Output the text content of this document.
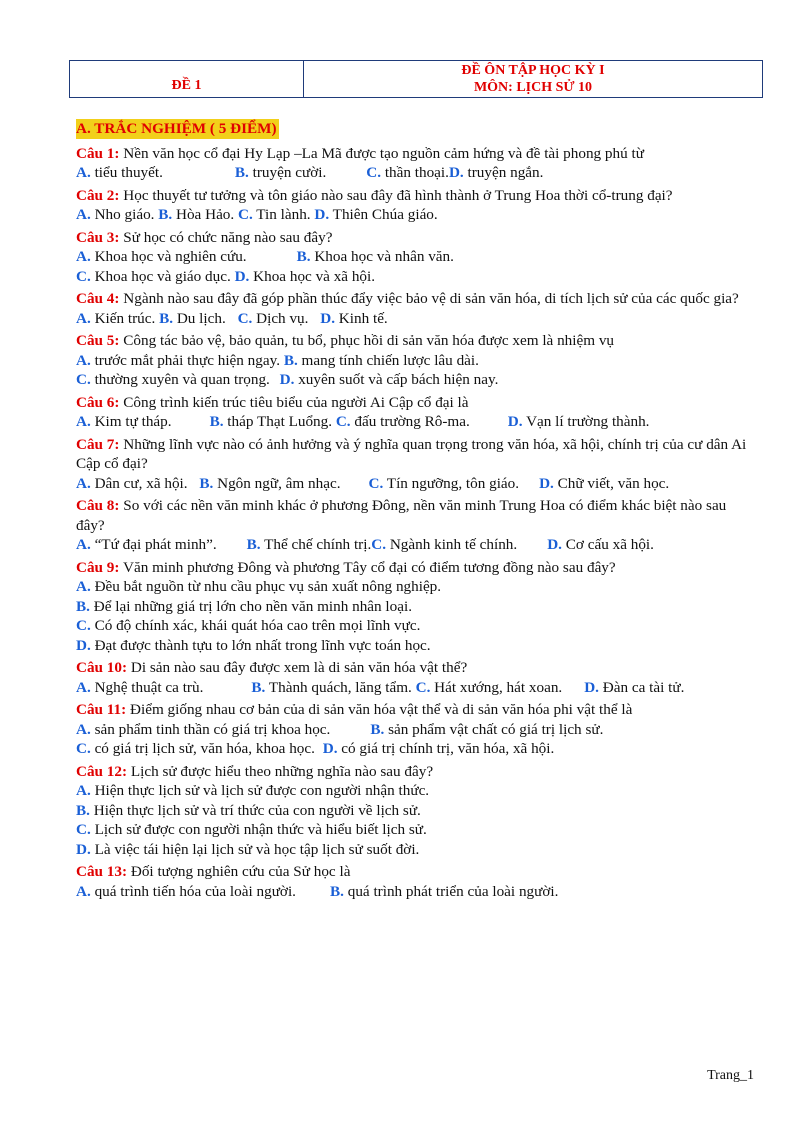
ĐỀ 1
ĐỀ ÔN TẬP HỌC KỲ I
MÔN: LỊCH SỬ 10
A. TRẮC NGHIỆM ( 5 ĐIỂM)
Câu 1: Nền văn học cổ đại Hy Lạp –La Mã được tạo nguồn cảm hứng và đề tài phong phú từ
A. tiểu thuyết.	B. truyện cười.	C. thần thoại.D. truyện ngắn.
Câu 2: Học thuyết tư tưởng và tôn giáo nào sau đây đã hình thành ở Trung Hoa thời cổ-trung đại?
A. Nho giáo. B. Hòa Hảo. C. Tin lành. D. Thiên Chúa giáo.
Câu 3: Sử học có chức năng nào sau đây?
A. Khoa học và nghiên cứu.	B. Khoa học và nhân văn.
C. Khoa học và giáo dục. D. Khoa học và xã hội.
Câu 4: Ngành nào sau đây đã góp phần thúc đẩy việc bảo vệ di sản văn hóa, di tích lịch sử của các quốc gia?
A. Kiến trúc. B. Du lịch. C. Dịch vụ. D. Kinh tế.
Câu 5: Công tác bảo vệ, bảo quản, tu bổ, phục hồi di sản văn hóa được xem là nhiệm vụ
A. trước mắt phải thực hiện ngay. B. mang tính chiến lược lâu dài.
C. thường xuyên và quan trọng. D. xuyên suốt và cấp bách hiện nay.
Câu 6: Công trình kiến trúc tiêu biểu của người Ai Cập cổ đại là
A. Kim tự tháp.	B. tháp Thạt Luổng. C. đấu trường Rô-ma.	D. Vạn lí trường thành.
Câu 7: Những lĩnh vực nào có ảnh hưởng và ý nghĩa quan trọng trong văn hóa, xã hội, chính trị của cư dân Ai Cập cổ đại?
A. Dân cư, xã hội. B. Ngôn ngữ, âm nhạc. C. Tín ngưỡng, tôn giáo. D. Chữ viết, văn học.
Câu 8: So với các nền văn minh khác ở phương Đông, nền văn minh Trung Hoa có điểm khác biệt nào sau đây?
A. “Tứ đại phát minh”. B. Thể chế chính trị.C. Ngành kinh tế chính. D. Cơ cấu xã hội.
Câu 9: Văn minh phương Đông và phương Tây cổ đại có điểm tương đồng nào sau đây?
A. Đều bắt nguồn từ nhu cầu phục vụ sản xuất nông nghiệp.
B. Để lại những giá trị lớn cho nền văn minh nhân loại.
C. Có độ chính xác, khái quát hóa cao trên mọi lĩnh vực.
D. Đạt được thành tựu to lớn nhất trong lĩnh vực toán học.
Câu 10: Di sản nào sau đây được xem là di sản văn hóa vật thể?
A. Nghệ thuật ca trù.	B. Thành quách, lăng tẩm. C. Hát xướng, hát xoan. D. Đàn ca tài tử.
Câu 11: Điểm giống nhau cơ bản của di sản văn hóa vật thể và di sản văn hóa phi vật thể là
A. sản phẩm tinh thần có giá trị khoa học.	B. sản phẩm vật chất có giá trị lịch sử.
C. có giá trị lịch sử, văn hóa, khoa học. D. có giá trị chính trị, văn hóa, xã hội.
Câu 12: Lịch sử được hiểu theo những nghĩa nào sau đây?
A. Hiện thực lịch sử và lịch sử được con người nhận thức.
B. Hiện thực lịch sử và trí thức của con người về lịch sử.
C. Lịch sử được con người nhận thức và hiểu biết lịch sử.
D. Là việc tái hiện lại lịch sử và học tập lịch sử suốt đời.
Câu 13: Đối tượng nghiên cứu của Sử học là
A. quá trình tiến hóa của loài người. B. quá trình phát triển của loài người.
Trang_1
